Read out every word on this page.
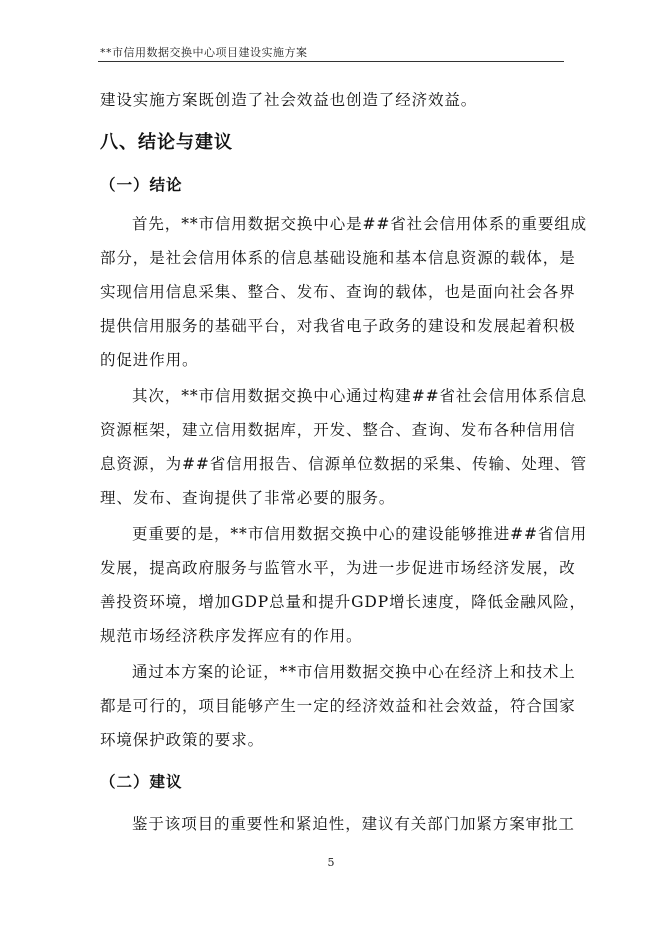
**市信用数据交换中心项目建设实施方案
建设实施方案既创造了社会效益也创造了经济效益。
八、结论与建议
（一）结论
首先，**市信用数据交换中心是##省社会信用体系的重要组成
部分，是社会信用体系的信息基础设施和基本信息资源的载体，是
实现信用信息采集、整合、发布、查询的载体，也是面向社会各界
提供信用服务的基础平台，对我省电子政务的建设和发展起着积极
的促进作用。
其次，**市信用数据交换中心通过构建##省社会信用体系信息
资源框架，建立信用数据库，开发、整合、查询、发布各种信用信
息资源，为##省信用报告、信源单位数据的采集、传输、处理、管
理、发布、查询提供了非常必要的服务。
更重要的是，**市信用数据交换中心的建设能够推进##省信用
发展，提高政府服务与监管水平，为进一步促进市场经济发展，改
善投资环境，增加GDP总量和提升GDP增长速度，降低金融风险，
规范市场经济秩序发挥应有的作用。
通过本方案的论证，**市信用数据交换中心在经济上和技术上
都是可行的，项目能够产生一定的经济效益和社会效益，符合国家
环境保护政策的要求。
（二）建议
鉴于该项目的重要性和紧迫性，建议有关部门加紧方案审批工
5
